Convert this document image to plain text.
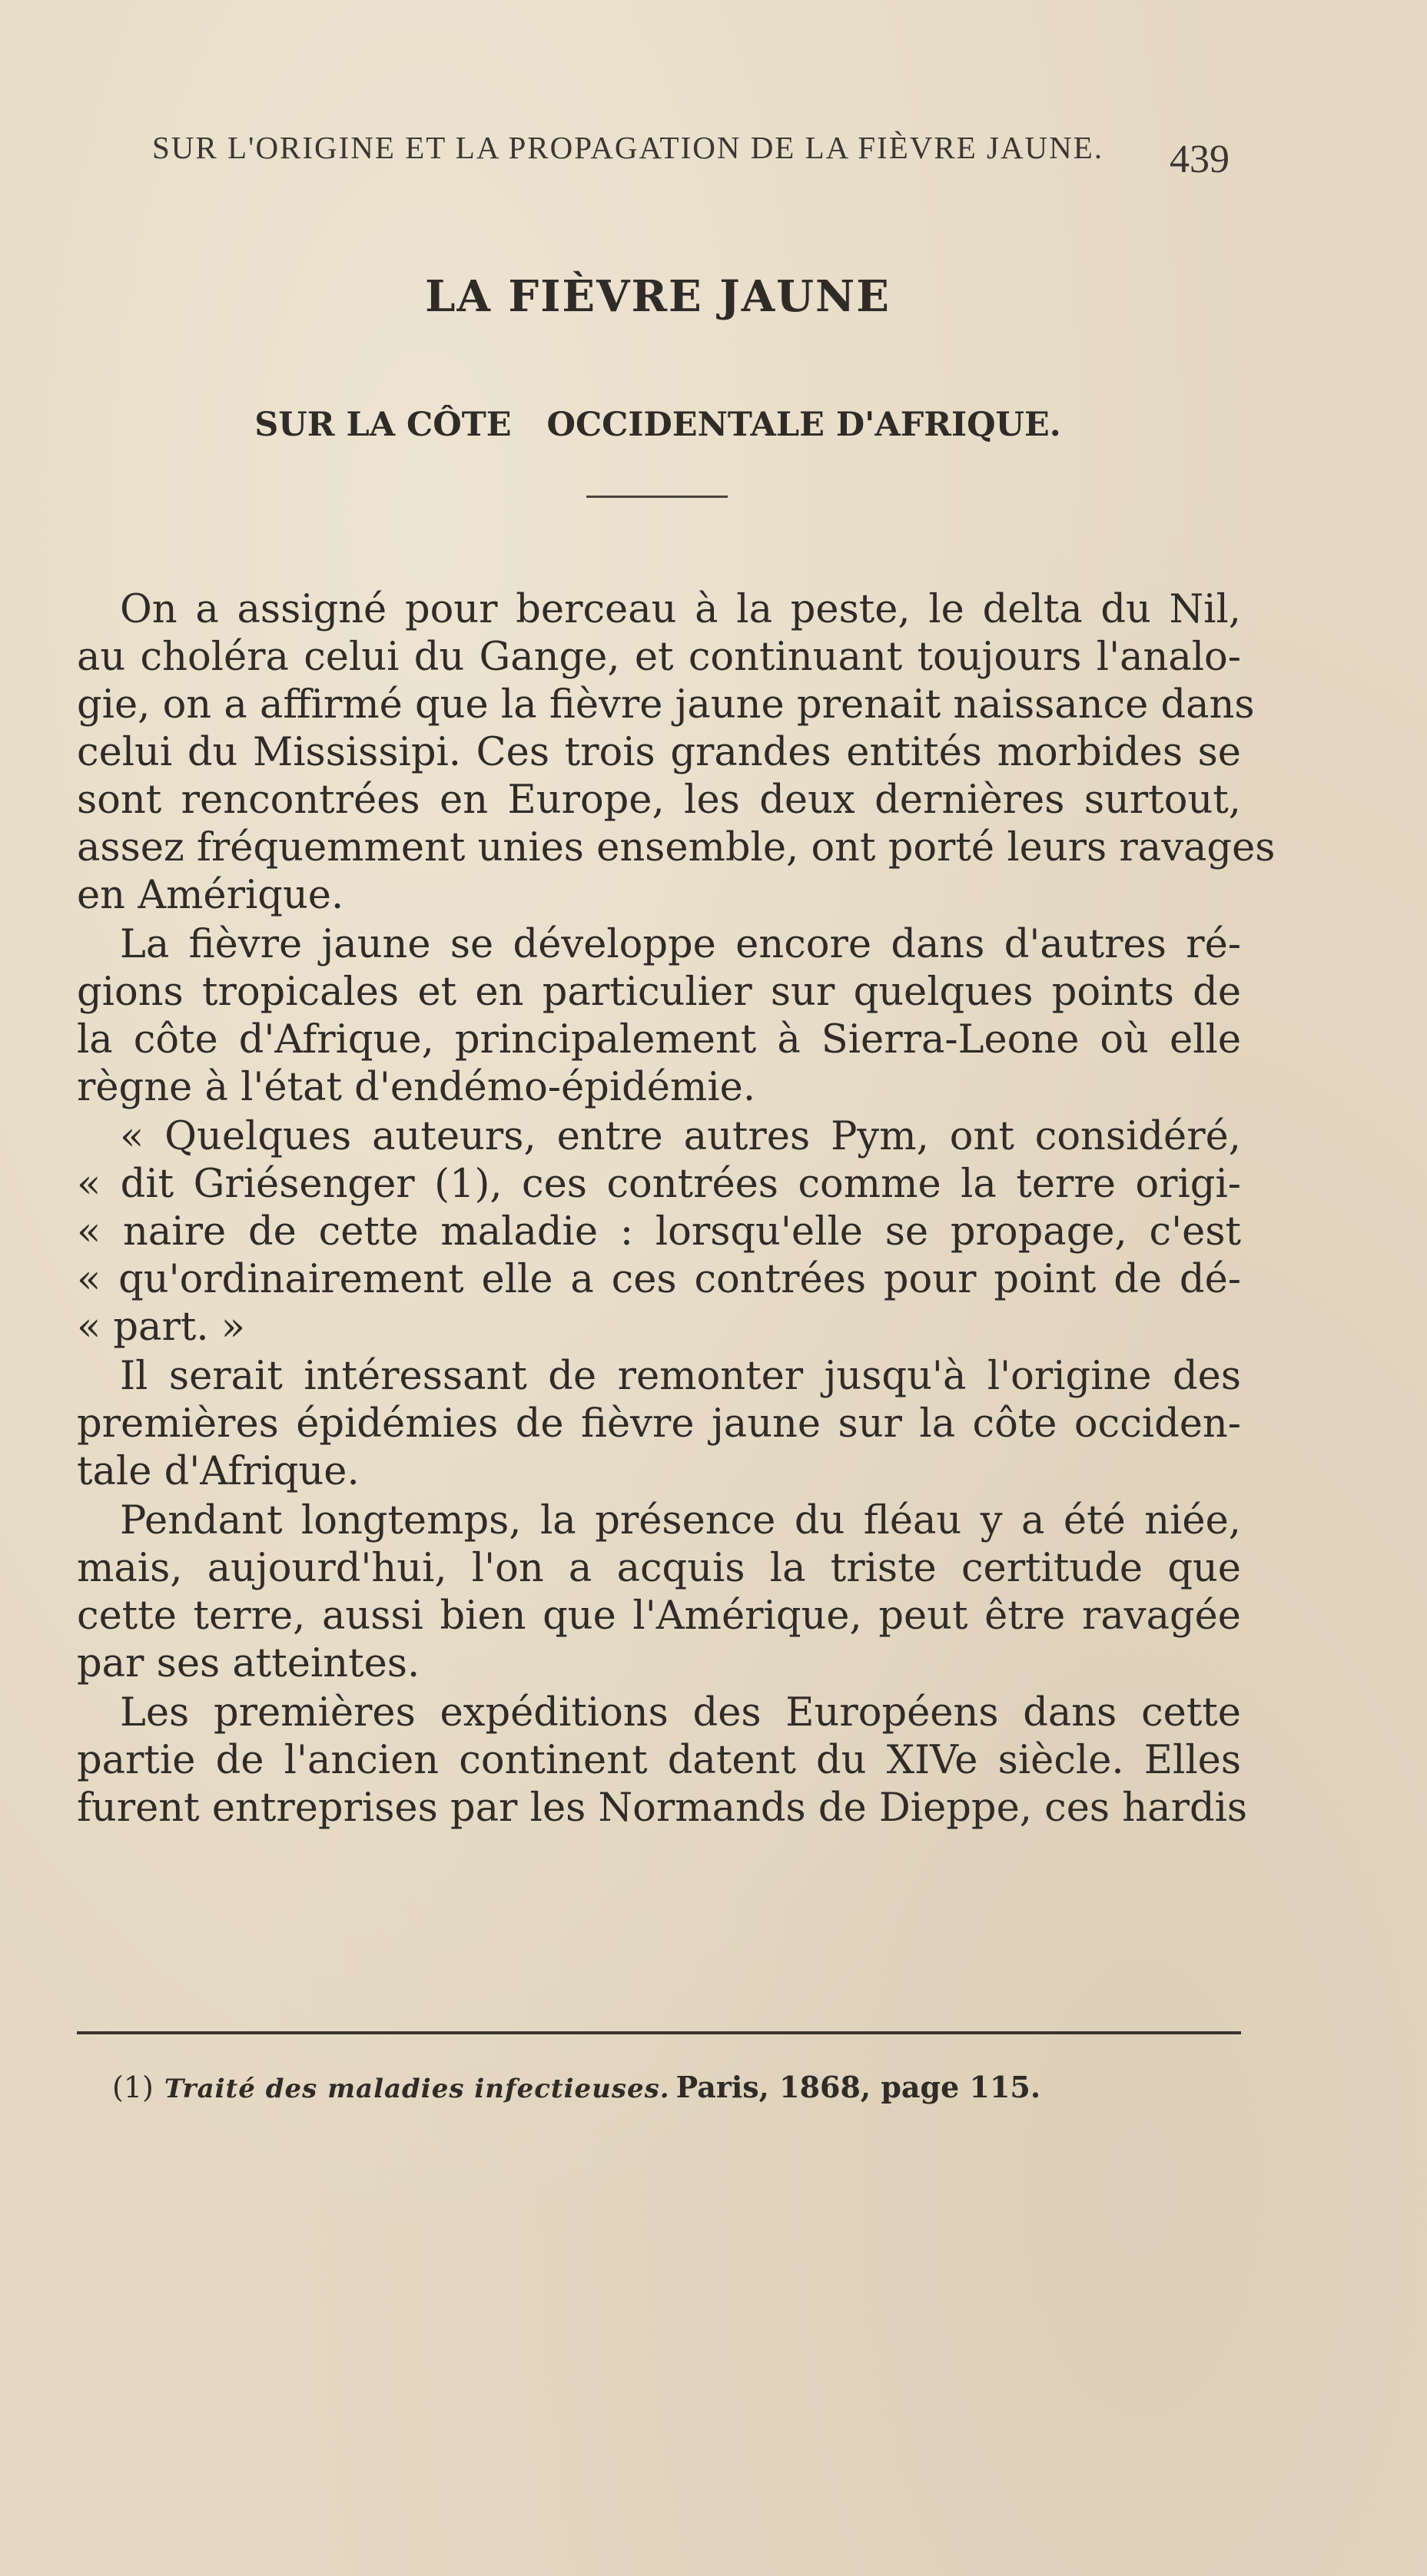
SUR L'ORIGINE ET LA PROPAGATION DE LA FIÈVRE JAUNE. 439
LA FIÈVRE JAUNE
SUR LA CÔTE OCCIDENTALE D'AFRIQUE.
On a assigné pour berceau à la peste, le delta du Nil,
au choléra celui du Gange, et continuant toujours l'analo-
gie, on a affirmé que la fièvre jaune prenait naissance dans
celui du Mississipi. Ces trois grandes entités morbides se
sont rencontrées en Europe, les deux dernières surtout,
assez fréquemment unies ensemble, ont porté leurs ravages
en Amérique.
La fièvre jaune se développe encore dans d'autres ré-
gions tropicales et en particulier sur quelques points de
la côte d'Afrique, principalement à Sierra-Leone où elle
règne à l'état d'endémo-épidémie.
« Quelques auteurs, entre autres Pym, ont considéré,
« dit Griésenger (1), ces contrées comme la terre origi-
« naire de cette maladie : lorsqu'elle se propage, c'est
« qu'ordinairement elle a ces contrées pour point de dé-
« part. »
Il serait intéressant de remonter jusqu'à l'origine des
premières épidémies de fièvre jaune sur la côte occiden-
tale d'Afrique.
Pendant longtemps, la présence du fléau y a été niée,
mais, aujourd'hui, l'on a acquis la triste certitude que
cette terre, aussi bien que l'Amérique, peut être ravagée
par ses atteintes.
Les premières expéditions des Européens dans cette
partie de l'ancien continent datent du XIVe siècle. Elles
furent entreprises par les Normands de Dieppe, ces hardis
(1) Traité des maladies infectieuses. Paris, 1868, page 115.
